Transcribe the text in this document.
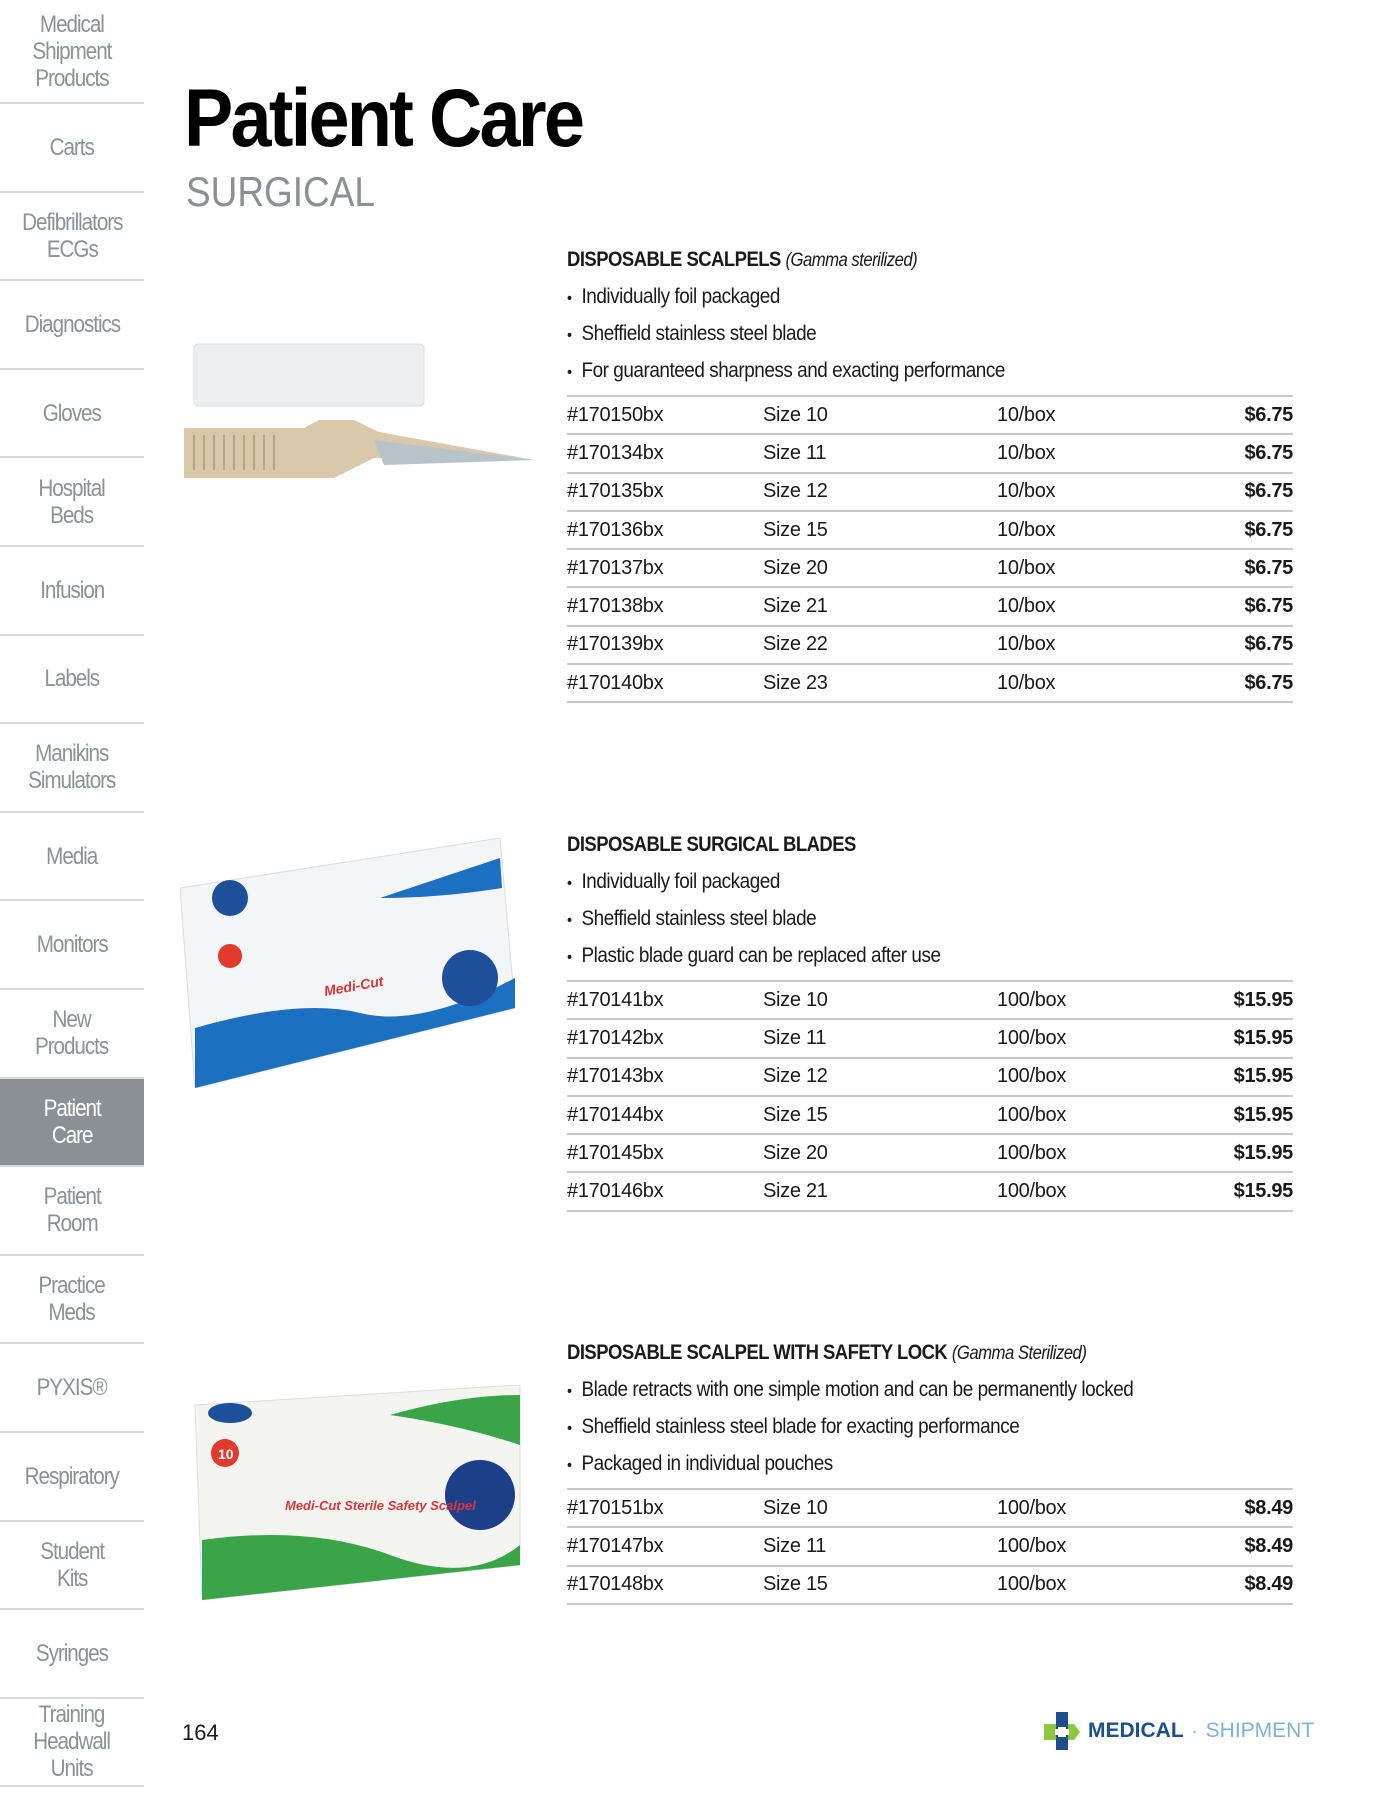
Medical
Shipment
Products
Carts
Defibrillators
ECGs
Diagnostics
Gloves
Hospital
Beds
Infusion
Labels
Manikins
Simulators
Media
Monitors
New
Products
Patient
Care
Patient
Room
Practice
Meds
PYXIS®
Respiratory
Student
Kits
Syringes
Training
Headwall
Units
Patient Care
SURGICAL
DISPOSABLE SCALPELS (Gamma sterilized)
• Individually foil packaged
• Sheffield stainless steel blade
• For guaranteed sharpness and exacting performance
#170150bx	Size 10	10/box	$6.75
#170134bx	Size 11	10/box	$6.75
#170135bx	Size 12	10/box	$6.75
#170136bx	Size 15	10/box	$6.75
#170137bx	Size 20	10/box	$6.75
#170138bx	Size 21	10/box	$6.75
#170139bx	Size 22	10/box	$6.75
#170140bx	Size 23	10/box	$6.75
DISPOSABLE SURGICAL BLADES
• Individually foil packaged
• Sheffield stainless steel blade
• Plastic blade guard can be replaced after use
#170141bx	Size 10	100/box	$15.95
#170142bx	Size 11	100/box	$15.95
#170143bx	Size 12	100/box	$15.95
#170144bx	Size 15	100/box	$15.95
#170145bx	Size 20	100/box	$15.95
#170146bx	Size 21	100/box	$15.95
DISPOSABLE SCALPEL WITH SAFETY LOCK (Gamma Sterilized)
• Blade retracts with one simple motion and can be permanently locked
• Sheffield stainless steel blade for exacting performance
• Packaged in individual pouches
#170151bx	Size 10	100/box	$8.49
#170147bx	Size 11	100/box	$8.49
#170148bx	Size 15	100/box	$8.49
Medi-Cut
10
Medi-Cut Sterile Safety Scalpel
164	MEDICAL · SHIPMENT
